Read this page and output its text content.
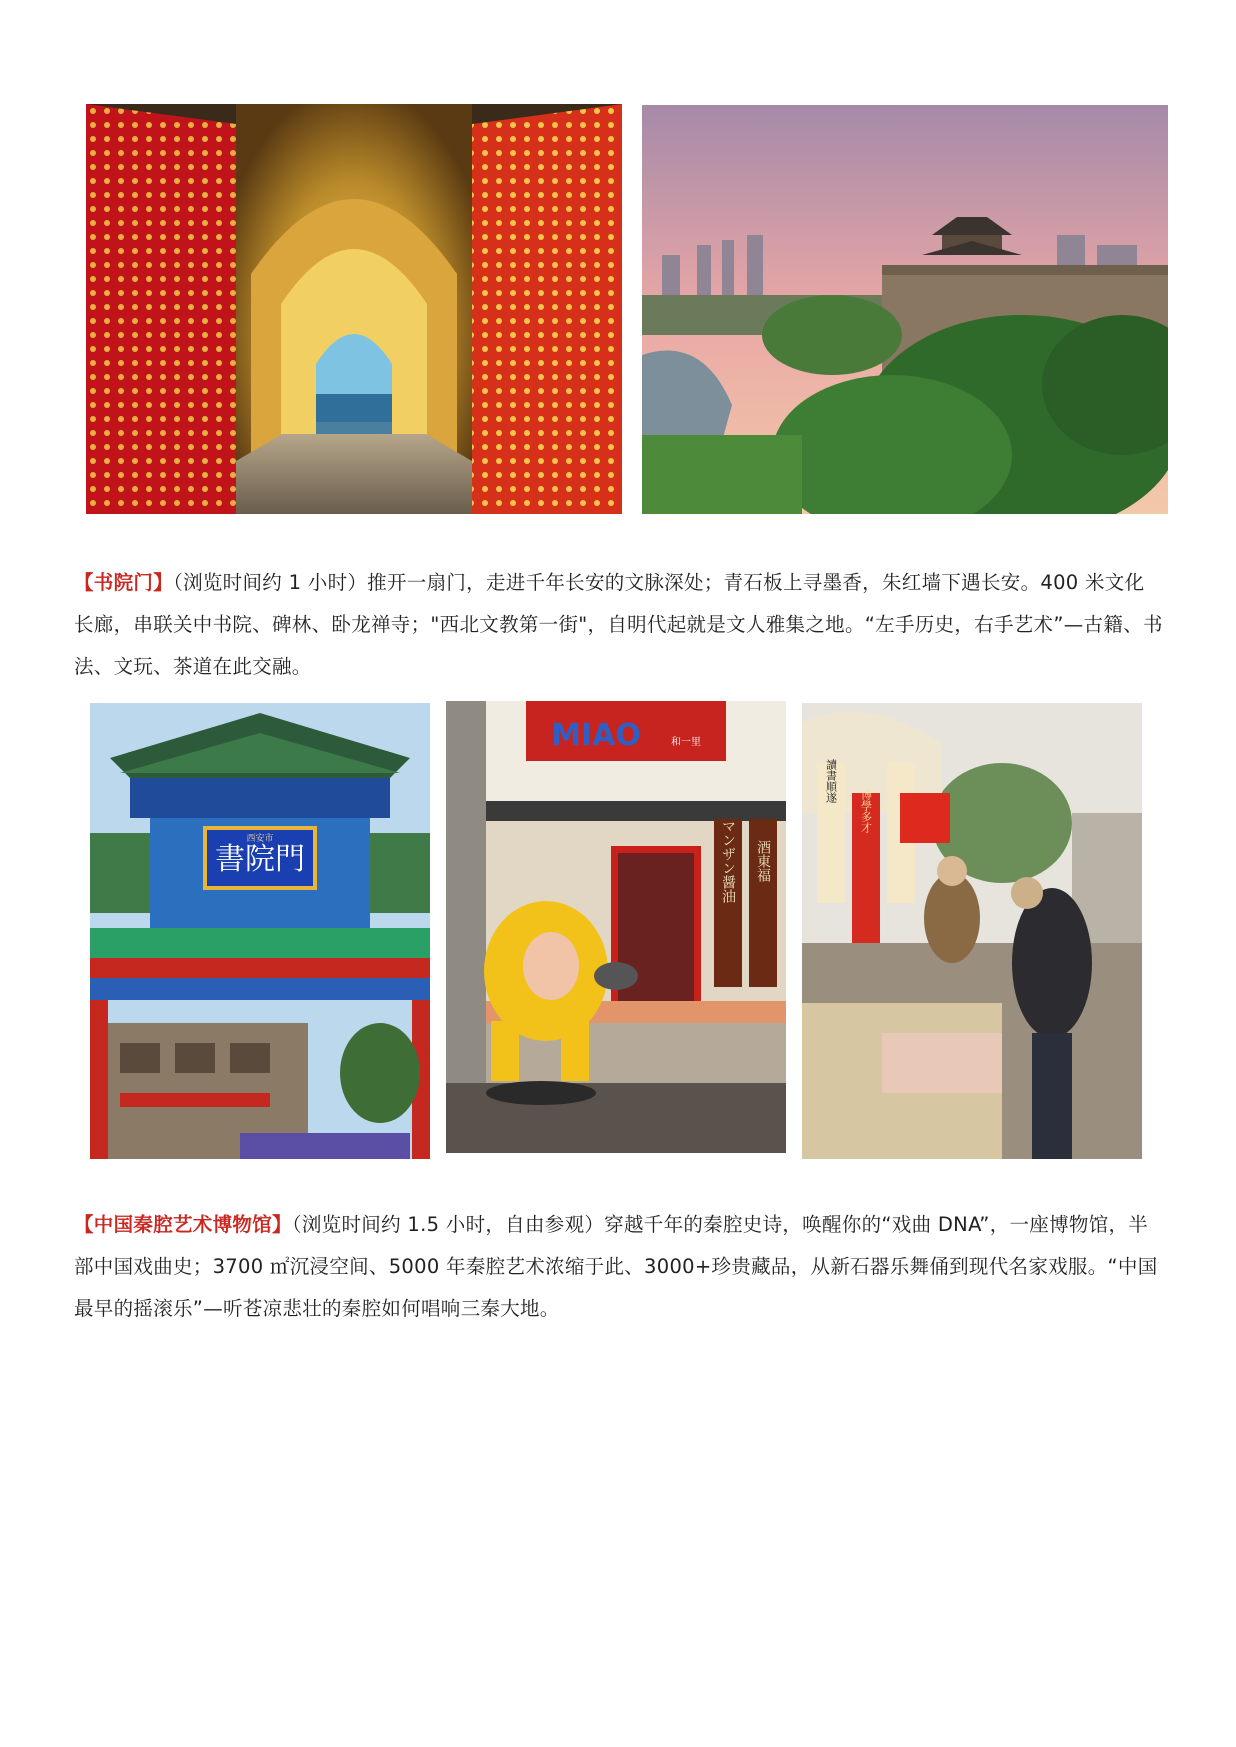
【书院门】（浏览时间约 1 小时）推开一扇门，走进千年长安的文脉深处；青石板上寻墨香，朱红墙下遇长安。400 米文化长廊，串联关中书院、碑林、卧龙禅寺；"西北文教第一街"，自明代起就是文人雅集之地。“左手历史，右手艺术”—古籍、书法、文玩、茶道在此交融。

書院門
西安市
MIAO	和一里
マンザン醤油 酒東福
讀書順遂
博學多才

【中国秦腔艺术博物馆】（浏览时间约 1.5 小时，自由参观）穿越千年的秦腔史诗，唤醒你的“戏曲 DNA”，一座博物馆，半部中国戏曲史；3700 ㎡沉浸空间、5000 年秦腔艺术浓缩于此、3000+珍贵藏品，从新石器乐舞俑到现代名家戏服。“中国最早的摇滚乐”—听苍凉悲壮的秦腔如何唱响三秦大地。
